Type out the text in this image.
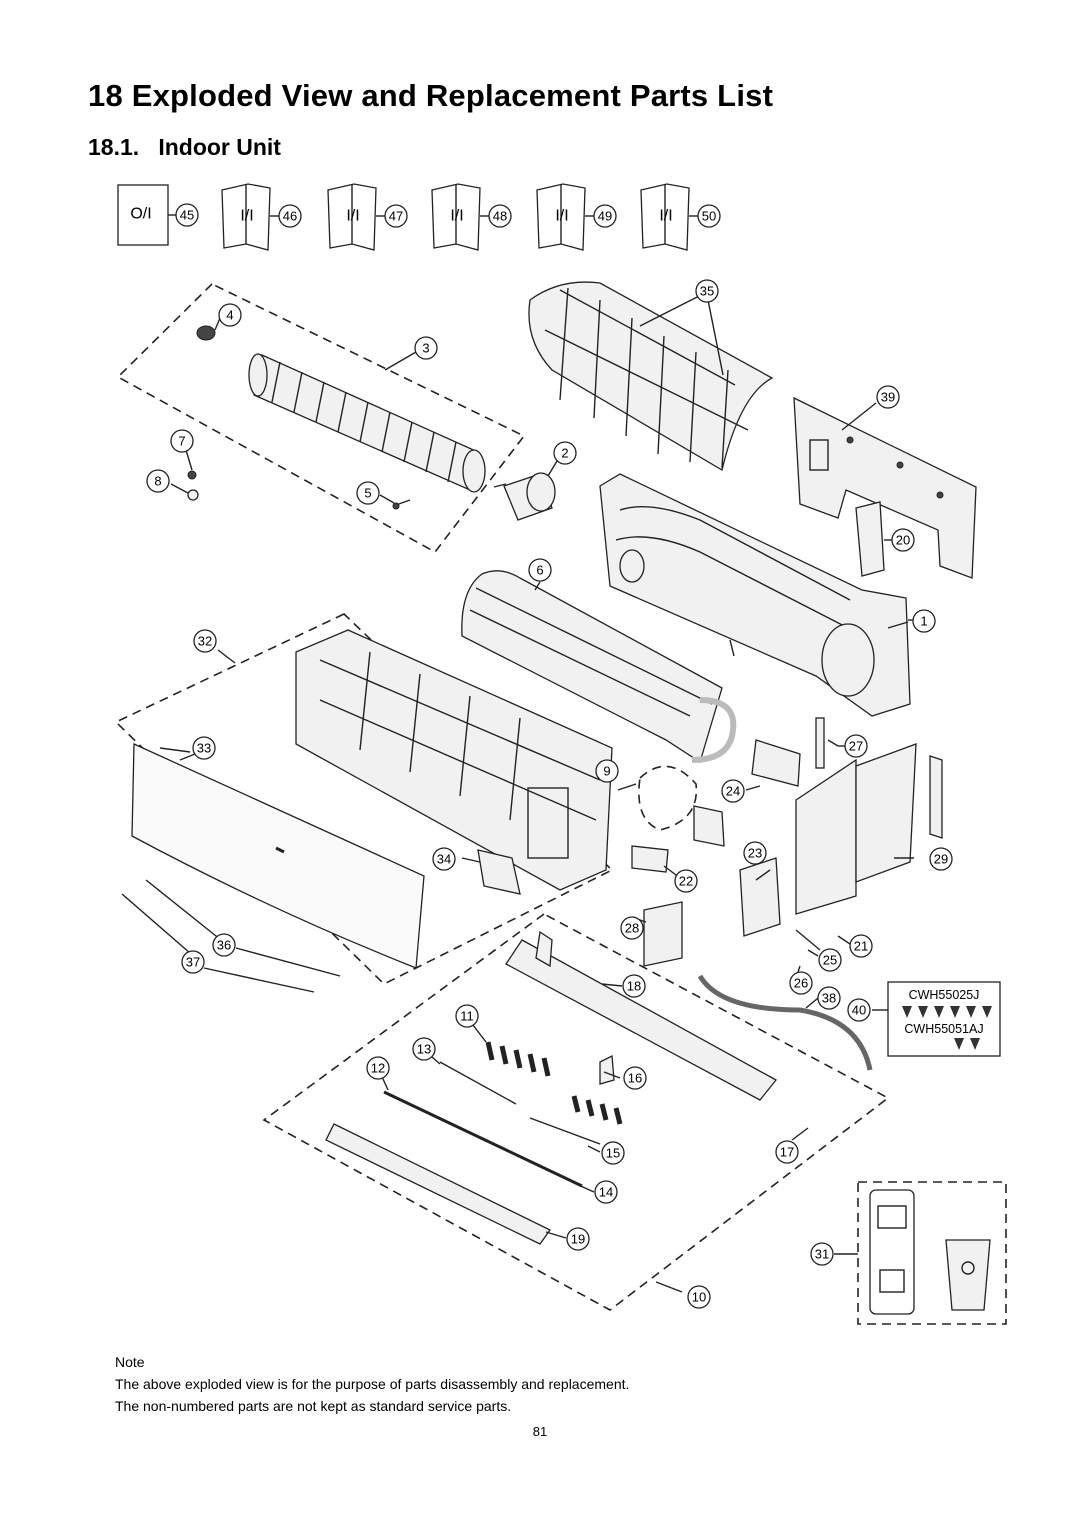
18 Exploded View and Replacement Parts List
18.1.   Indoor Unit
O/I 45	I/I 46	I/I 47	I/I 48	I/I 49	I/I 50
1
2
3
4
5
6
7
8
9
10
11
12
13
14
15
16
17
18
19
20
21
22
23
24
25
26
27
28
29
31
32
33
34
35
36
37
38
39
40
CWH55025J
CWH55051AJ
Note
The above exploded view is for the purpose of parts disassembly and replacement.
The non-numbered parts are not kept as standard service parts.
81
